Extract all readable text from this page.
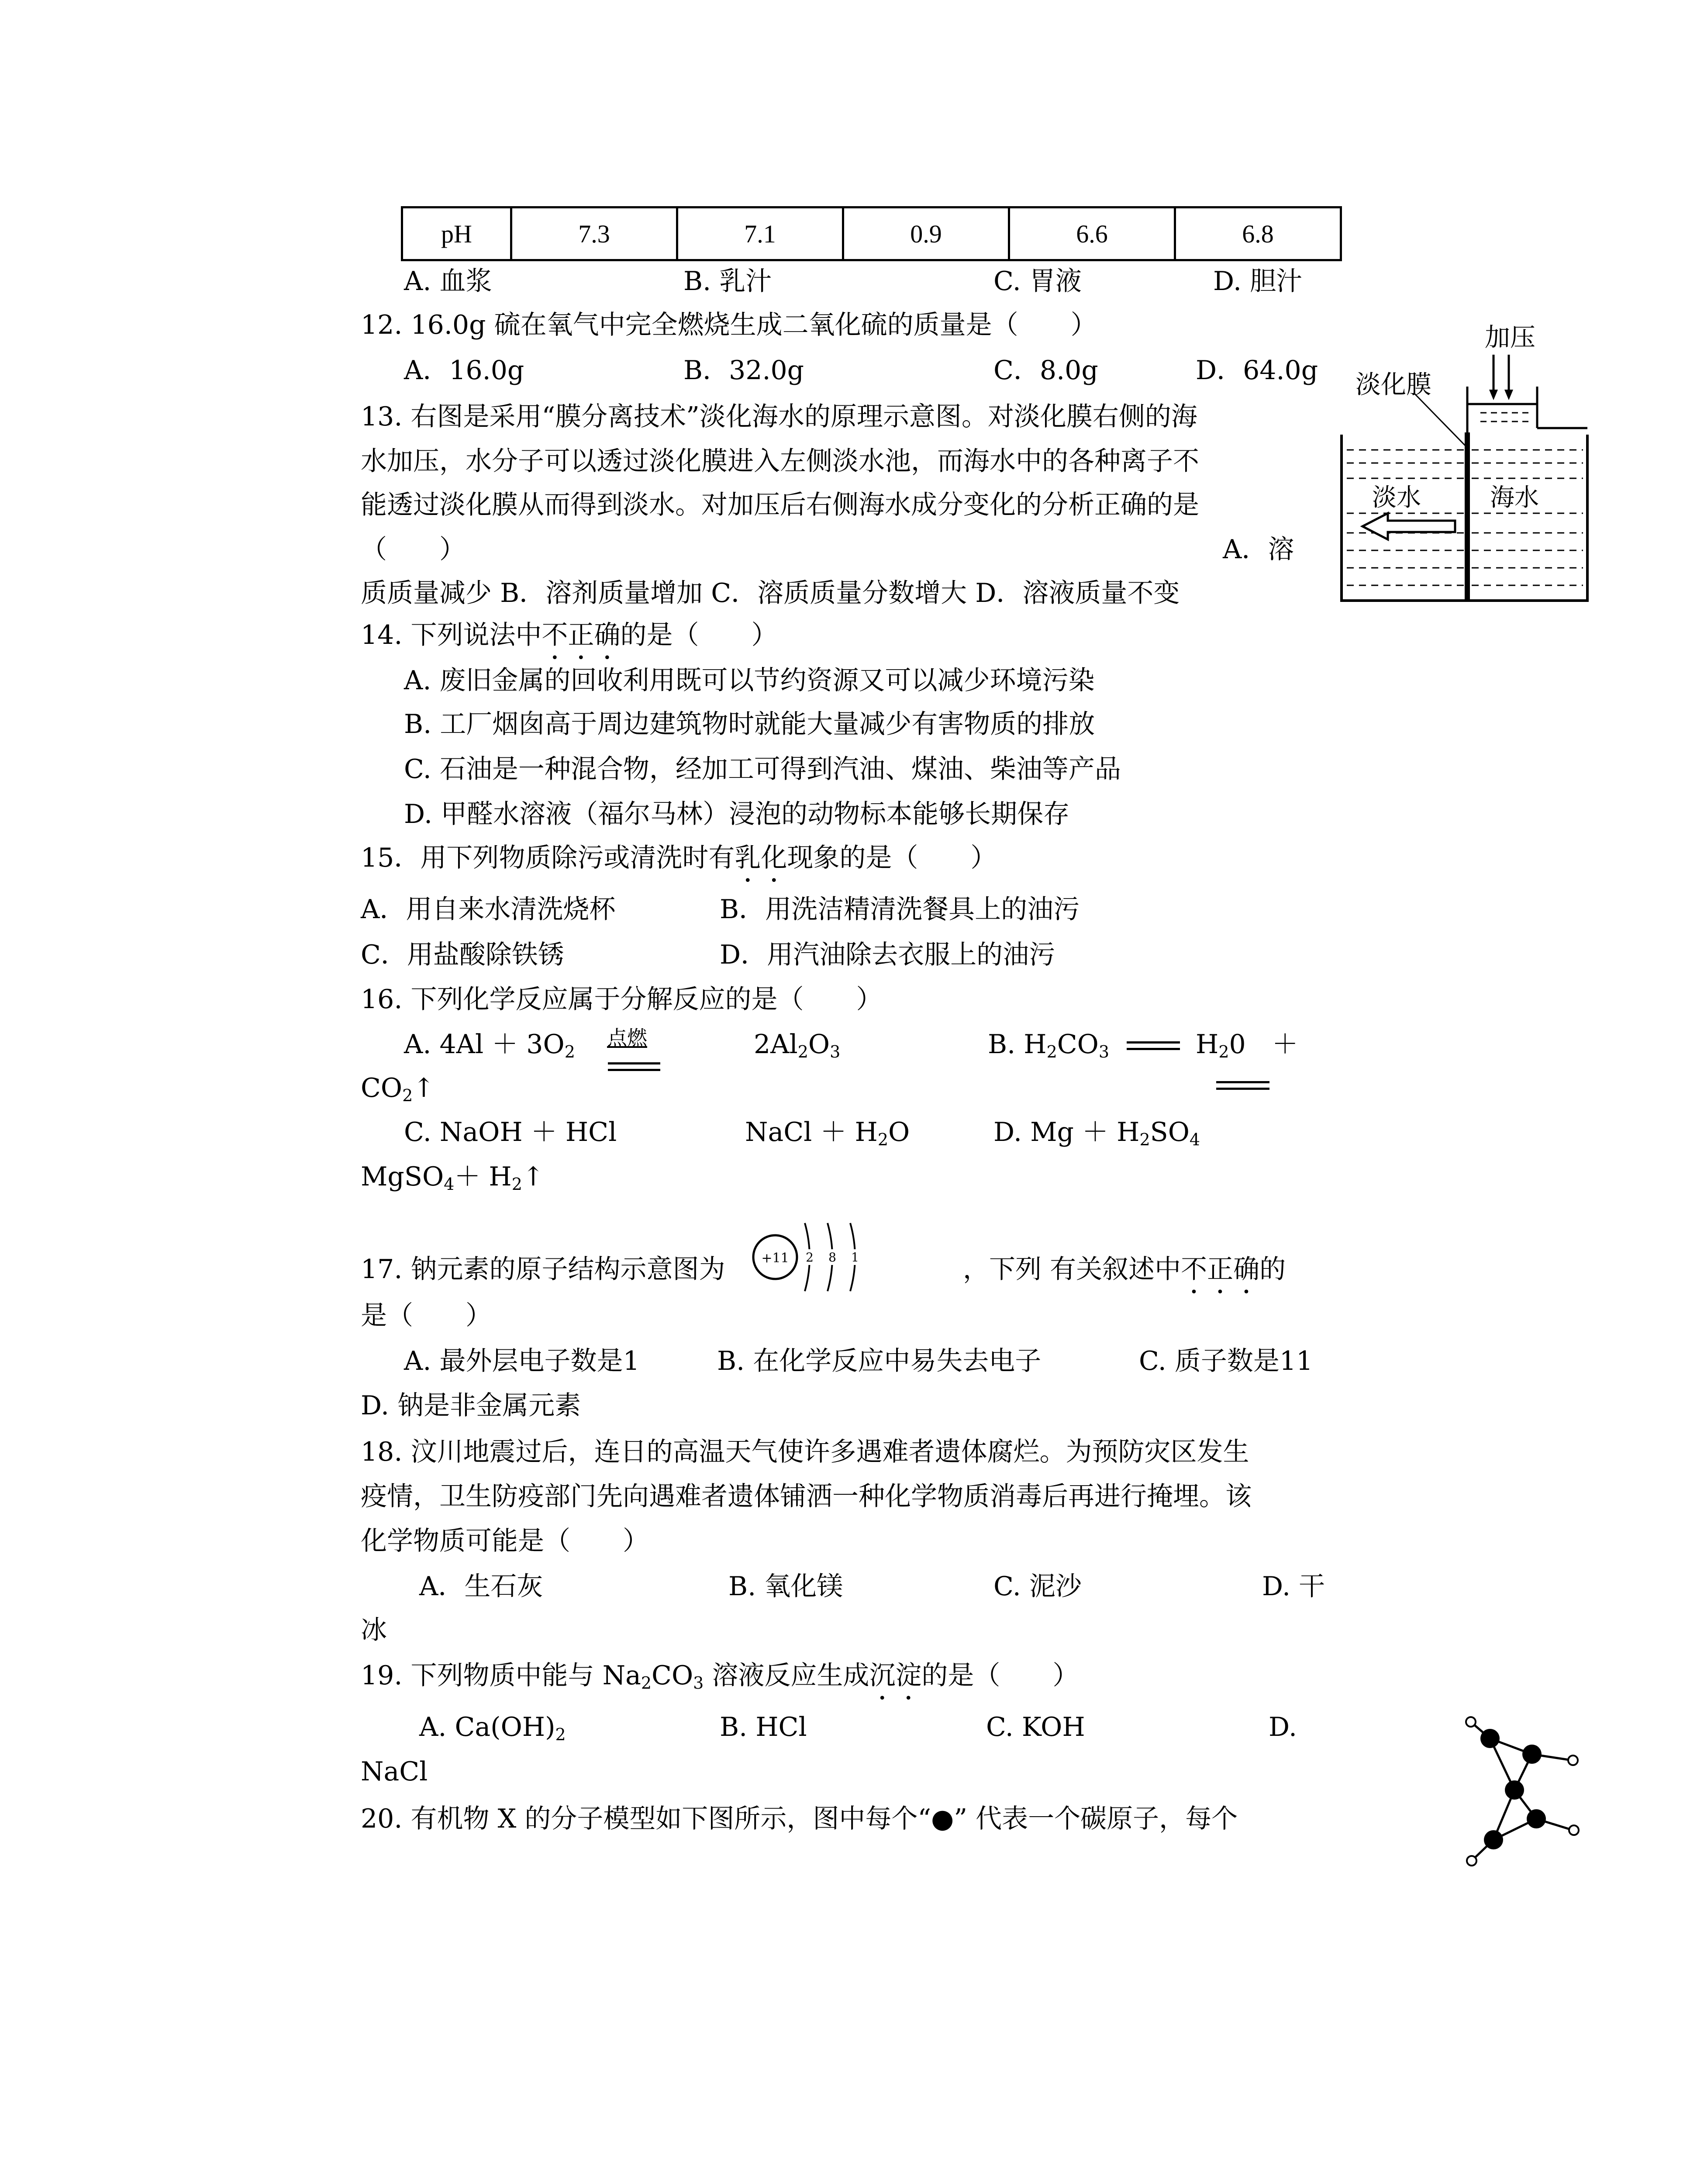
pH	7.3	7.1	0.9	6.6	6.8
A. 血浆	B. 乳汁	C. 胃液	D. 胆汁
12. 16.0g 硫在氧气中完全燃烧生成二氧化硫的质量是（　　）
A．16.0g	B．32.0g	C．8.0g	D．64.0g
13. 右图是采用“膜分离技术”淡化海水的原理示意图。对淡化膜右侧的海
水加压，水分子可以透过淡化膜进入左侧淡水池，而海水中的各种离子不
能透过淡化膜从而得到淡水。对加压后右侧海水成分变化的分析正确的是
（　　）	A．溶
质质量减少 B．溶剂质量增加 C．溶质质量分数增大 D．溶液质量不变
加压
淡化膜
淡水	海水
14. 下列说法中不正确的是（　　）
A. 废旧金属的回收利用既可以节约资源又可以减少环境污染
B. 工厂烟囱高于周边建筑物时就能大量减少有害物质的排放
C. 石油是一种混合物，经加工可得到汽油、煤油、柴油等产品
D. 甲醛水溶液（福尔马林）浸泡的动物标本能够长期保存
15．用下列物质除污或清洗时有乳化现象的是（　　）
A．用自来水清洗烧杯	B．用洗洁精清洗餐具上的油污
C．用盐酸除铁锈	D．用汽油除去衣服上的油污
16. 下列化学反应属于分解反应的是（　　）
A. $4Al + 3O_2$
点燃	$2Al_2O_3$	B. $H_2CO_3$	$H_20$　＋
$CO_2↑$
C. NaOH ＋ HCl	NaCl ＋ $H_2O$	D. $Mg + H_2SO_4$
MgSO$_4$＋ $H_2↑$
17. 钠元素的原子结构示意图为	+11 2 8 1	，下列 有关叙述中不正确的
是（　　）
A. 最外层电子数是1	B. 在化学反应中易失去电子	C. 质子数是11
D. 钠是非金属元素
18. 汶川地震过后，连日的高温天气使许多遇难者遗体腐烂。为预防灾区发生
疫情，卫生防疫部门先向遇难者遗体铺洒一种化学物质消毒后再进行掩埋。该
化学物质可能是（　　）
A．生石灰	B. 氧化镁	C. 泥沙	D. 干
冰
19. 下列物质中能与 $Na_2CO_3$ 溶液反应生成沉淀的是（　　）
A. $Ca(OH)_2$	B. HCl	C. KOH	D.
NaCl
20. 有机物 X 的分子模型如下图所示，图中每个“●” 代表一个碳原子，每个
